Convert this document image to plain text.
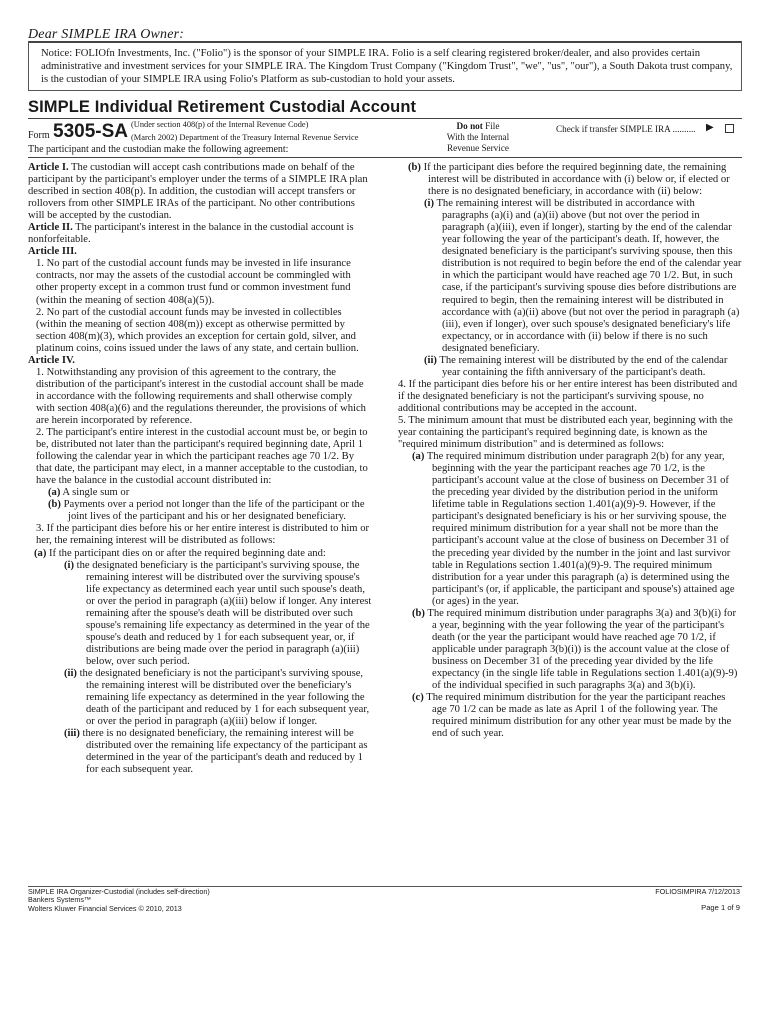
Dear SIMPLE IRA Owner:
Notice: FOLIOfn Investments, Inc. ("Folio") is the sponsor of your SIMPLE IRA. Folio is a self clearing registered broker/dealer, and also provides certain administrative and investment services for your SIMPLE IRA. The Kingdom Trust Company ("Kingdom Trust", "we", "us", "our"), a South Dakota trust company, is the custodian of your SIMPLE IRA using Folio's Platform as sub-custodian to hold your assets.
SIMPLE Individual Retirement Custodial Account
Form 5305-SA (Under section 408(p) of the Internal Revenue Code)
(March 2002) Department of the Treasury Internal Revenue Service
The participant and the custodian make the following agreement:
Do not File
With the Internal
Revenue Service
Check if transfer SIMPLE IRA .......... ▶

Article I. The custodian will accept cash contributions made on behalf of the participant by the participant's employer under the terms of a SIMPLE IRA plan described in section 408(p). In addition, the custodian will accept transfers or rollovers from other SIMPLE IRAs of the participant. No other contributions will be accepted by the custodian.

Article II. The participant's interest in the balance in the custodial account is nonforfeitable.

Article III.

1. No part of the custodial account funds may be invested in life insurance contracts, nor may the assets of the custodial account be commingled with other property except in a common trust fund or common investment fund (within the meaning of section 408(a)(5)).

2. No part of the custodial account funds may be invested in collectibles (within the meaning of section 408(m)) except as otherwise permitted by section 408(m)(3), which provides an exception for certain gold, silver, and platinum coins, coins issued under the laws of any state, and certain bullion.

Article IV.

1. Notwithstanding any provision of this agreement to the contrary, the distribution of the participant's interest in the custodial account shall be made in accordance with the following requirements and shall otherwise comply with section 408(a)(6) and the regulations thereunder, the provisions of which are herein incorporated by reference.

2. The participant's entire interest in the custodial account must be, or begin to be, distributed not later than the participant's required beginning date, April 1 following the calendar year in which the participant reaches age 70 1/2. By that date, the participant may elect, in a manner acceptable to the custodian, to have the balance in the custodial account distributed in:

(a) A single sum or

(b) Payments over a period not longer than the life of the participant or the joint lives of the participant and his or her designated beneficiary.

3. If the participant dies before his or her entire interest is distributed to him or her, the remaining interest will be distributed as follows:

(a) If the participant dies on or after the required beginning date and:

(i) the designated beneficiary is the participant's surviving spouse, the remaining interest will be distributed over the surviving spouse's life expectancy as determined each year until such spouse's death, or over the period in paragraph (a)(iii) below if longer. Any interest remaining after the spouse's death will be distributed over such spouse's remaining life expectancy as determined in the year of the spouse's death and reduced by 1 for each subsequent year, or, if distributions are being made over the period in paragraph (a)(iii) below, over such period.

(ii) the designated beneficiary is not the participant's surviving spouse, the remaining interest will be distributed over the beneficiary's remaining life expectancy as determined in the year following the death of the participant and reduced by 1 for each subsequent year, or over the period in paragraph (a)(iii) below if longer.

(iii) there is no designated beneficiary, the remaining interest will be distributed over the remaining life expectancy of the participant as determined in the year of the participant's death and reduced by 1 for each subsequent year.

(b) If the participant dies before the required beginning date, the remaining interest will be distributed in accordance with (i) below or, if elected or there is no designated beneficiary, in accordance with (ii) below:

(i) The remaining interest will be distributed in accordance with paragraphs (a)(i) and (a)(ii) above (but not over the period in paragraph (a)(iii), even if longer), starting by the end of the calendar year following the year of the participant's death. If, however, the designated beneficiary is the participant's surviving spouse, then this distribution is not required to begin before the end of the calendar year in which the participant would have reached age 70 1/2. But, in such case, if the participant's surviving spouse dies before distributions are required to begin, then the remaining interest will be distributed in accordance with (a)(ii) above (but not over the period in paragraph (a)(iii), even if longer), over such spouse's designated beneficiary's life expectancy, or in accordance with (ii) below if there is no such designated beneficiary.

(ii) The remaining interest will be distributed by the end of the calendar year containing the fifth anniversary of the participant's death.

4. If the participant dies before his or her entire interest has been distributed and if the designated beneficiary is not the participant's surviving spouse, no additional contributions may be accepted in the account.

5. The minimum amount that must be distributed each year, beginning with the year containing the participant's required beginning date, is known as the "required minimum distribution" and is determined as follows:

(a) The required minimum distribution under paragraph 2(b) for any year, beginning with the year the participant reaches age 70 1/2, is the participant's account value at the close of business on December 31 of the preceding year divided by the distribution period in the uniform lifetime table in Regulations section 1.401(a)(9)-9. However, if the participant's designated beneficiary is his or her surviving spouse, the required minimum distribution for a year shall not be more than the participant's account value at the close of business on December 31 of the preceding year divided by the number in the joint and last survivor table in Regulations section 1.401(a)(9)-9. The required minimum distribution for a year under this paragraph (a) is determined using the participant's (or, if applicable, the participant and spouse's) attained age (or ages) in the year.

(b) The required minimum distribution under paragraphs 3(a) and 3(b)(i) for a year, beginning with the year following the year of the participant's death (or the year the participant would have reached age 70 1/2, if applicable under paragraph 3(b)(i)) is the account value at the close of business on December 31 of the preceding year divided by the life expectancy (in the single life table in Regulations section 1.401(a)(9)-9) of the individual specified in such paragraphs 3(a) and 3(b)(i).

(c) The required minimum distribution for the year the participant reaches age 70 1/2 can be made as late as April 1 of the following year. The required minimum distribution for any other year must be made by the end of such year.

SIMPLE IRA Organizer-Custodial (includes self-direction)
Bankers Systems™
Wolters Kluwer Financial Services © 2010, 2013
FOLIOSIMPIRA 7/12/2013
Page 1 of 9
